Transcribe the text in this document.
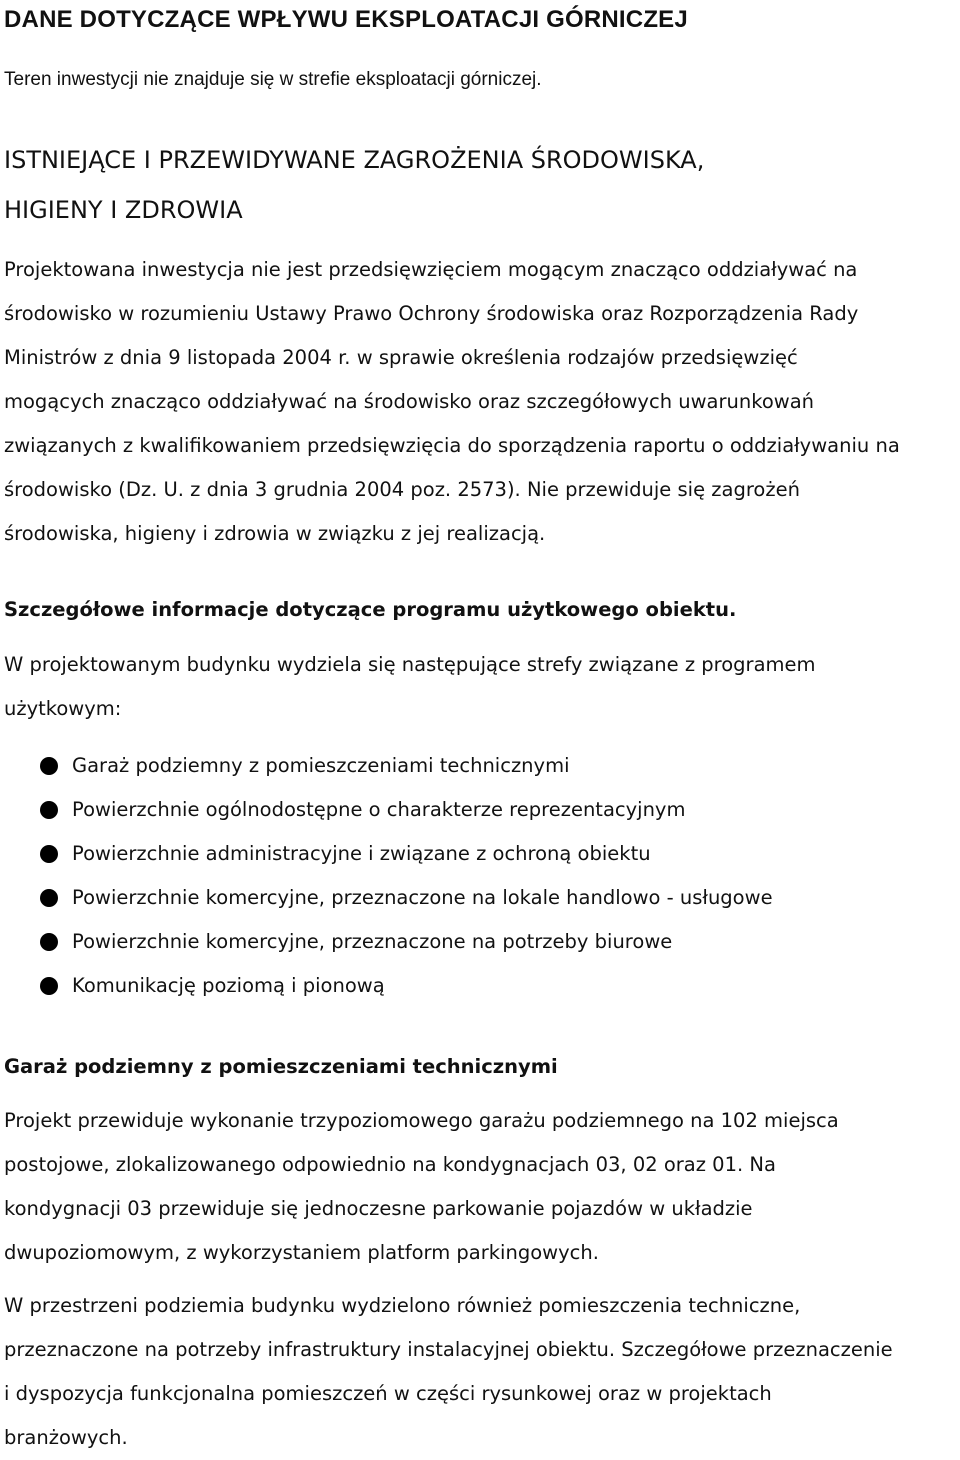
DANE DOTYCZĄCE WPŁYWU EKSPLOATACJI GÓRNICZEJ

Teren inwestycji nie znajduje się w strefie eksploatacji górniczej.

ISTNIEJĄCE I PRZEWIDYWANE ZAGROŻENIA ŚRODOWISKA,
HIGIENY I ZDROWIA

Projektowana inwestycja nie jest przedsięwzięciem mogącym znacząco oddziaływać na
środowisko w rozumieniu Ustawy Prawo Ochrony środowiska oraz Rozporządzenia Rady
Ministrów z dnia 9 listopada 2004 r. w sprawie określenia rodzajów przedsięwzięć
mogących znacząco oddziaływać na środowisko oraz szczegółowych uwarunkowań
związanych z kwalifikowaniem przedsięwzięcia do sporządzenia raportu o oddziaływaniu na
środowisko (Dz. U. z dnia 3 grudnia 2004 poz. 2573). Nie przewiduje się zagrożeń
środowiska, higieny i zdrowia w związku z jej realizacją.

Szczegółowe informacje dotyczące programu użytkowego obiektu.

W projektowanym budynku wydziela się następujące strefy związane z programem
użytkowym:

Garaż podziemny z pomieszczeniami technicznymi
Powierzchnie ogólnodostępne o charakterze reprezentacyjnym
Powierzchnie administracyjne i związane z ochroną obiektu
Powierzchnie komercyjne, przeznaczone na lokale handlowo - usługowe
Powierzchnie komercyjne, przeznaczone na potrzeby biurowe
Komunikację poziomą i pionową
Garaż podziemny z pomieszczeniami technicznymi

Projekt przewiduje wykonanie trzypoziomowego garażu podziemnego na 102 miejsca
postojowe, zlokalizowanego odpowiednio na kondygnacjach 03, 02 oraz 01. Na
kondygnacji 03 przewiduje się jednoczesne parkowanie pojazdów w układzie
dwupoziomowym, z wykorzystaniem platform parkingowych.

W przestrzeni podziemia budynku wydzielono również pomieszczenia techniczne,
przeznaczone na potrzeby infrastruktury instalacyjnej obiektu. Szczegółowe przeznaczenie
i dyspozycja funkcjonalna pomieszczeń w części rysunkowej oraz w projektach
branżowych.
